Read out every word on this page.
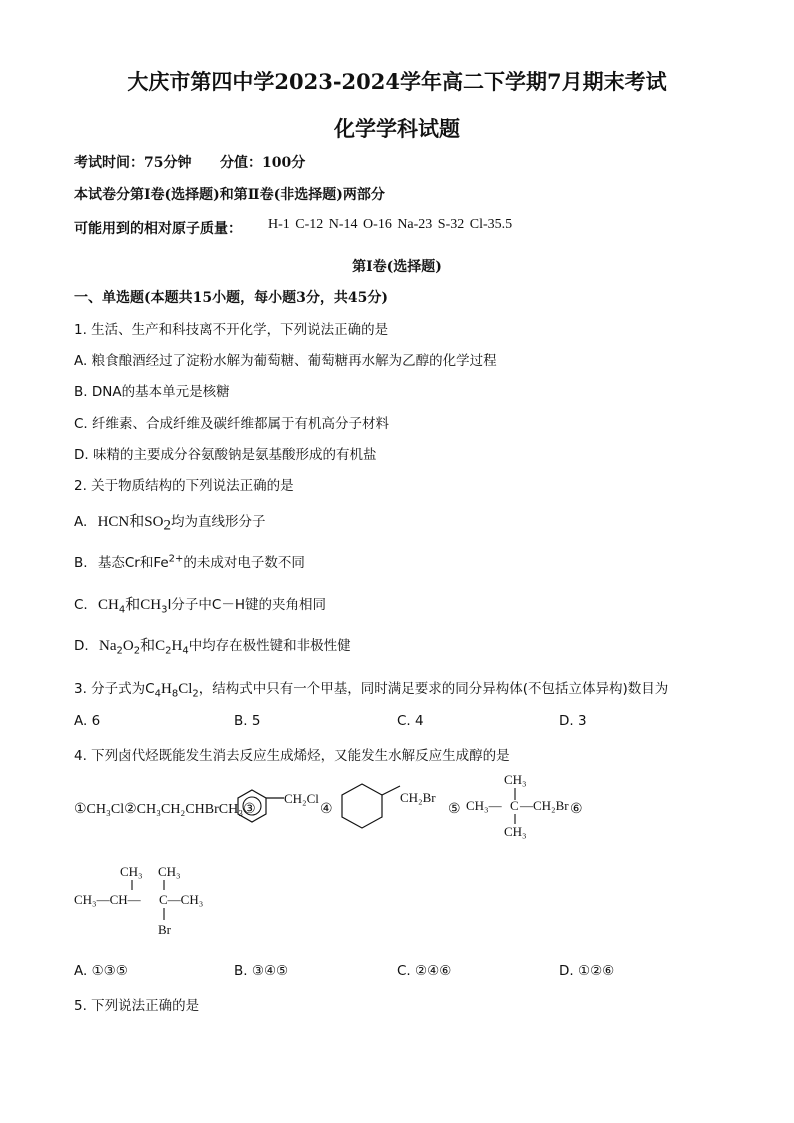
大庆市第四中学2023-2024学年高二下学期7月期末考试
化学学科试题
考试时间：75分钟 分值：100分
本试卷分第Ⅰ卷(选择题)和第Ⅱ卷(非选择题)两部分
可能用到的相对原子质量： H-1 C-12 N-14 O-16 Na-23 S-32 Cl-35.5
第Ⅰ卷(选择题)
一、单选题(本题共15小题，每小题3分，共45分)
1. 生活、生产和科技离不开化学，下列说法正确的是
A. 粮食酿酒经过了淀粉水解为葡萄糖、葡萄糖再水解为乙醇的化学过程
B. DNA的基本单元是核糖
C. 纤维素、合成纤维及碳纤维都属于有机高分子材料
D. 味精的主要成分谷氨酸钠是氨基酸形成的有机盐
2. 关于物质结构的下列说法正确的是
A. HCN和$SO_2$均为直线形分子
B. 基态Cr和$Fe^{2+}$的未成对电子数不同
C. $CH_4$和$CH_3I$分子中C－H键的夹角相同
D. $Na_2O_2$和$C_2H_4$中均存在极性键和非极性健
3. 分子式为$C_4H_8Cl_2$，结构式中只有一个甲基，同时满足要求的同分异构体(不包括立体异构)数目为
A. 6	B. 5	C. 4	D. 3
4. 下列卤代烃既能发生消去反应生成烯烃，又能发生水解反应生成醇的是
①CH₃Cl②CH₃CH₂CHBrCH₃③
CH₂Cl
④
CH₂Br
⑤
CH₃
CH₃— C —CH₂Br
CH₃
⑥
CH₃ CH₃
CH₃—CH— C—CH₃
Br
A. ①③⑤	B. ③④⑤	C. ②④⑥	D. ①②⑥
5. 下列说法正确的是
